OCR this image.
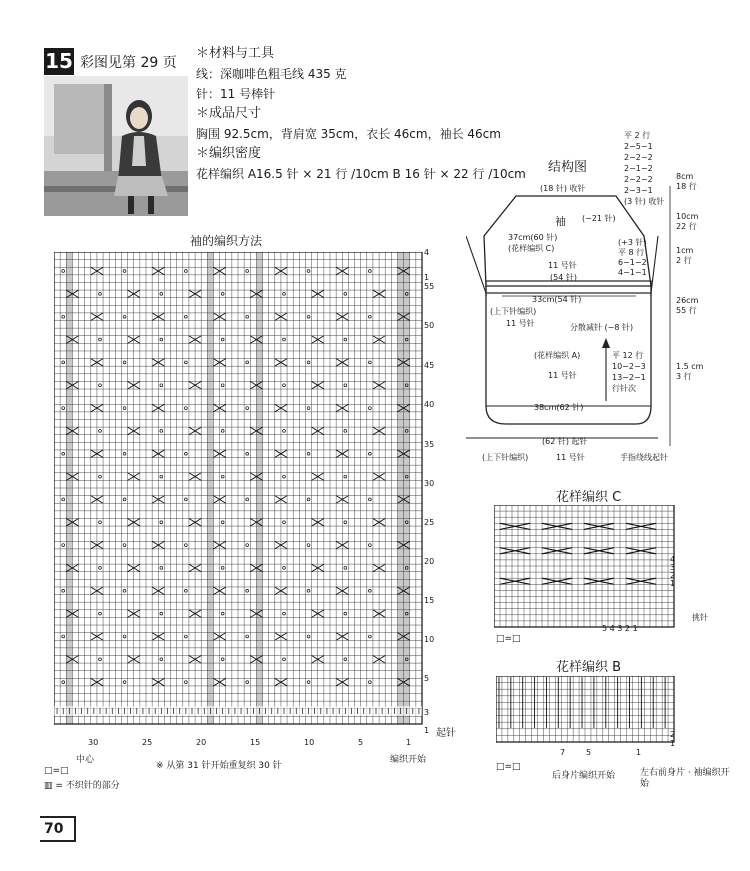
15 彩图见第 29 页
＊材料与工具
线：深咖啡色粗毛线 435 克
针：11 号棒针
＊成品尺寸
胸围 92.5cm，背肩宽 35cm，衣长 46cm，袖长 46cm
＊编织密度
花样编织 A16.5 针 × 21 行 /10cm B 16 针 × 22 行 /10cm
袖的编织方法
4
1
55
50
45
40
35
30
25
20
15
10
5
3
1 起针
30	25	20	15	10	5	1
中心
※ 从第 31 针开始重复织 30 针
编织开始
□=□
▥ = 不织针的部分
结构图
(18 针) 收针
袖 (−21 针)
平 2 行
2−5−1
2−2−2
2−1−2
2−2−2
2−3−1
(3 针) 收针
8cm
18 行
10cm
22 行
1cm
2 行
26cm
55 行
1.5 cm
3 行
37cm(60 针)
(花样编织 C)
(+3 针)
平 8 行
6−1−2
4−1−1
11 号针
(54 针)
33cm(54 针)
(上下针编织)
11 号针	分散减针 (−8 针)
(花样编织 A)	平 12 行
10−2−3
13−2−1
行针次
11 号针
38cm(62 针)
(62 针) 起针
(上下针编织)	11 号针	手指绕线起针
花样编织 C
4
3
2
1
5 4 3 2 1
挑针
□=□
花样编织 B
2
1
7	5	1
□=□
后身片编织开始	左右前身片 · 袖编织开始
70
